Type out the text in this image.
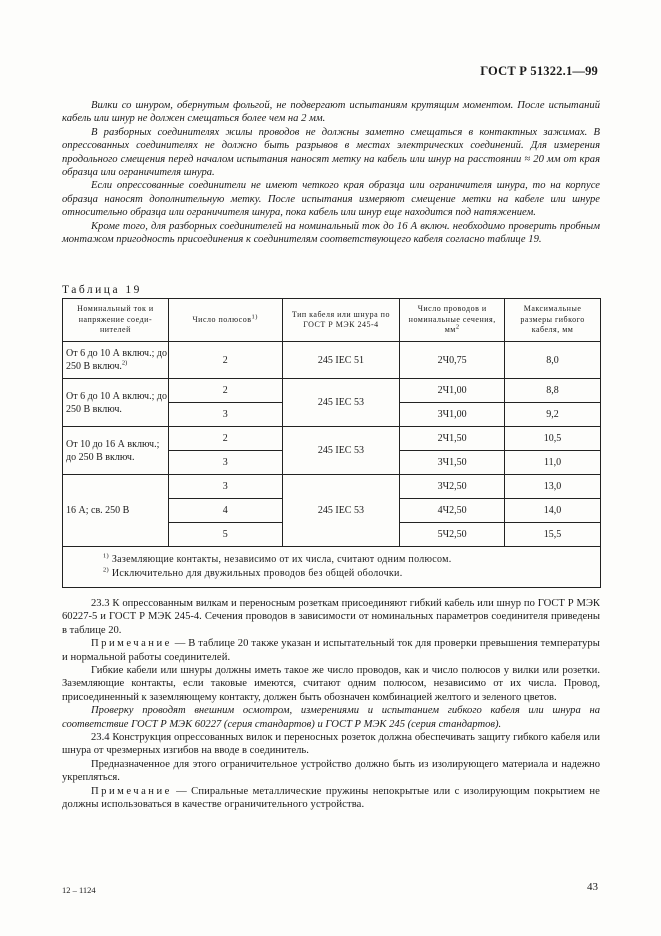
ГОСТ Р 51322.1—99

Вилки со шнуром, обернутым фольгой, не подвергают испытаниям крутящим моментом. После испытаний кабель или шнур не должен смещаться более чем на 2 мм.

В разборных соединителях жилы проводов не должны заметно смещаться в контактных зажимах. В опрессованных соединителях не должно быть разрывов в местах электрических соединений. Для измерения продольного смещения перед началом испытания наносят метку на кабель или шнур на расстоянии ≈ 20 мм от края образца или ограничителя шнура.

Если опрессованные соединители не имеют четкого края образца или ограничителя шнура, то на корпусе образца наносят дополнительную метку. После испытания измеряют смещение метки на кабеле или шнуре относительно образца или ограничителя шнура, пока кабель или шнур еще находится под натяжением.

Кроме того, для разборных соединителей на номинальный ток до 16 А включ. необходимо проверить пробным монтажом пригодность присоединения к соединителям соответствующего кабеля согласно таблице 19.

Таблица 19
Номинальный ток и напряжение соеди-нителей	Число полюсов$^{1)}$	Тип кабеля или шнура по ГОСТ Р МЭК 245-4	Число проводов и номинальные сечения, $мм^2$	Максимальные размеры гибкого кабеля, мм
От 6 до 10 А включ.; до 250 В включ.$^{2)}$	2	245 IEC 51	2Ч0,75	8,0
От 6 до 10 А включ.; до 250 В включ.	2	245 IEC 53	2Ч1,00	8,8
	3		3Ч1,00	9,2
От 10 до 16 А включ.; до 250 В включ.	2	245 IEC 53	2Ч1,50	10,5
	3		3Ч1,50	11,0
16 А; св. 250 В	3	245 IEC 53	3Ч2,50	13,0
	4		4Ч2,50	14,0
	5		5Ч2,50	15,5

$^{1)}$ Заземляющие контакты, независимо от их числа, считают одним полюсом.
$^{2)}$ Исключительно для двужильных проводов без общей оболочки.				

23.3 К опрессованным вилкам и переносным розеткам присоединяют гибкий кабель или шнур по ГОСТ Р МЭК 60227-5 и ГОСТ Р МЭК 245-4. Сечения проводов в зависимости от номинальных параметров соединителя приведены в таблице 20.

Примечание — В таблице 20 также указан и испытательный ток для проверки превышения температуры и нормальной работы соединителей.

Гибкие кабели или шнуры должны иметь такое же число проводов, как и число полюсов у вилки или розетки. Заземляющие контакты, если таковые имеются, считают одним полюсом, независимо от их числа. Провод, присоединенный к заземляющему контакту, должен быть обозначен комбинацией желтого и зеленого цветов.

Проверку проводят внешним осмотром, измерениями и испытанием гибкого кабеля или шнура на соответствие ГОСТ Р МЭК 60227 (серия стандартов) и ГОСТ Р МЭК 245 (серия стандартов).

23.4 Конструкция опрессованных вилок и переносных розеток должна обеспечивать защиту гибкого кабеля или шнура от чрезмерных изгибов на вводе в соединитель.

Предназначенное для этого ограничительное устройство должно быть из изолирующего материала и надежно укрепляться.

Примечание — Спиральные металлические пружины непокрытые или с изолирующим покрытием не должны использоваться в качестве ограничительного устройства.

12 – 1124	43
